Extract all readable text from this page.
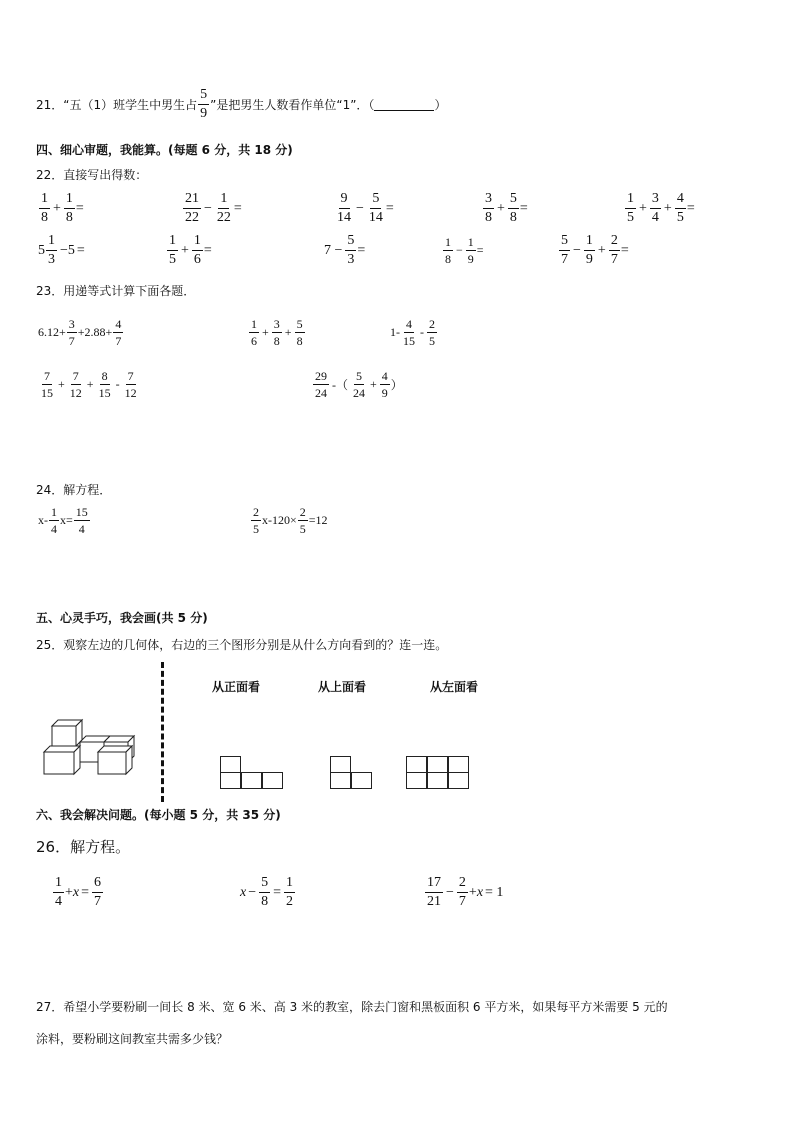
21． “五（1）班学生中男生占 $\frac{5}{9}$ ”是把男生人数看作单位“1”．（	）
四、细心审题，我能算。(每题 6 分，共 18 分)
22．直接写出得数：
$\frac{1}{8} + \frac{1}{8}$ =	$\frac{21}{22} - \frac{1}{22}$ =	$\frac{9}{14} - \frac{5}{14}$ =	$\frac{3}{8} + \frac{5}{8}$ =	$\frac{1}{5} + \frac{3}{4} + \frac{4}{5}$ =
$5 \frac{1}{3} -5$ =	$\frac{1}{5} + \frac{1}{6}$ =	$7 - \frac{5}{3}$ =	$\frac{1}{8} - \frac{1}{9}$ =	$\frac{5}{7} - \frac{1}{9} + \frac{2}{7}$ =
23．用递等式计算下面各题．
$6.12+ \frac{3}{7} +2.88+ \frac{4}{7}$	$\frac{1}{6} + \frac{3}{8} + \frac{5}{8}$	$1- \frac{4}{15} - \frac{2}{5}$
$\frac{7}{15} + \frac{7}{12} + \frac{8}{15} - \frac{7}{12}$	$\frac{29}{24}$ -（ $\frac{5}{24} + \frac{4}{9}$ ）
24．解方程．
$x- \frac{1}{4} x= \frac{15}{4}$	$\frac{2}{5} x-120\times \frac{2}{5} =12$
五、心灵手巧，我会画(共 5 分)
25．观察左边的几何体，右边的三个图形分别是从什么方向看到的？连一连。
从正面看	从上面看	从左面看
六、我会解决问题。(每小题 5 分，共 35 分)
26．解方程。
$\frac{1}{4} + x = \frac{6}{7}$	$x - \frac{5}{8} = \frac{1}{2}$	$\frac{17}{21} - \frac{2}{7} + x = 1$
27．希望小学要粉刷一间长 8 米、宽 6 米、高 3 米的教室，除去门窗和黑板面积 6 平方米，如果每平方米需要 5 元的
涂料，要粉刷这间教室共需多少钱？
